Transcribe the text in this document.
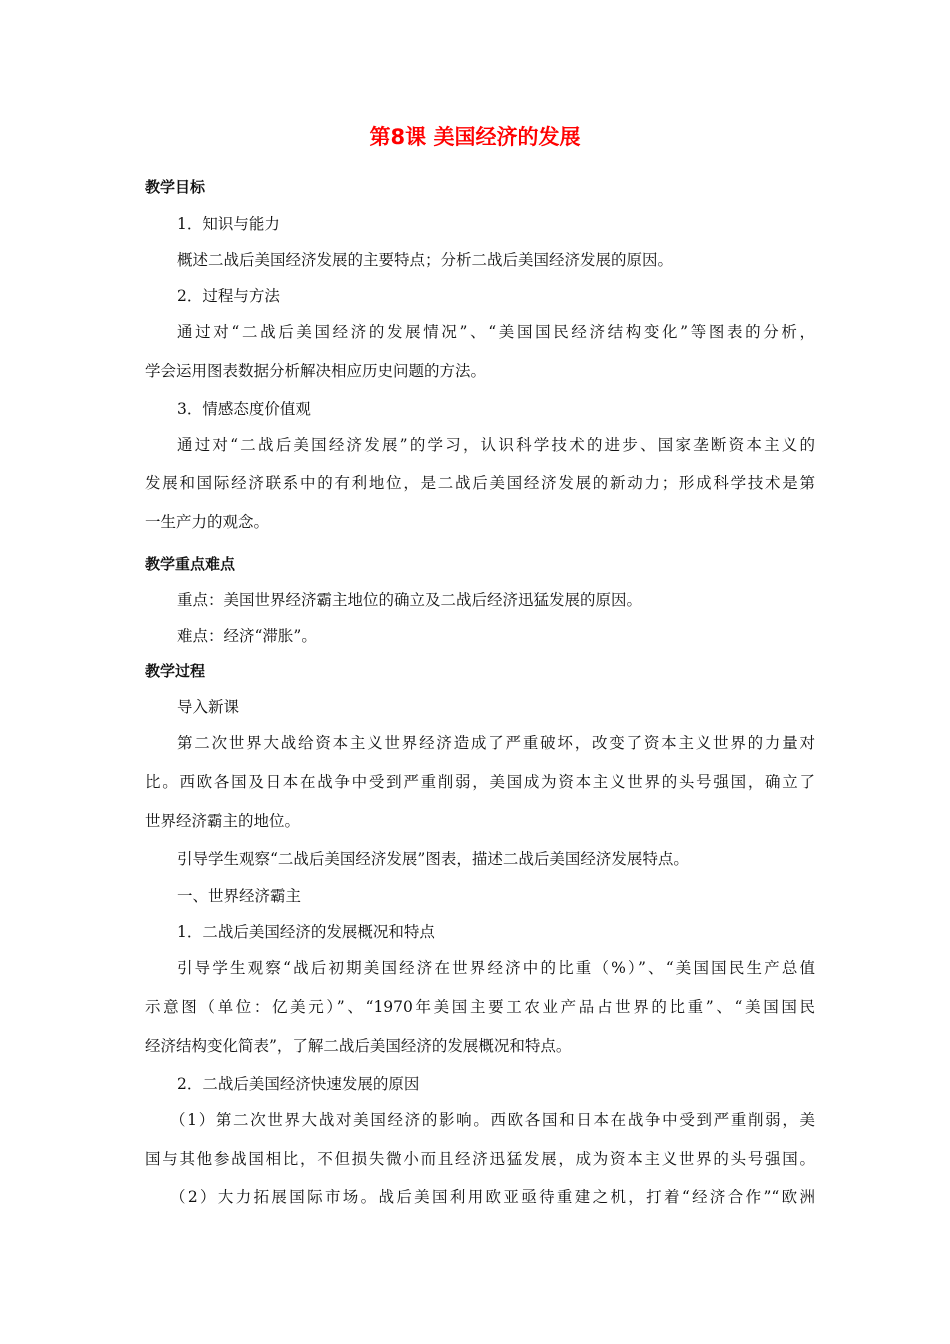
第8课 美国经济的发展
教学目标
1．知识与能力
概述二战后美国经济发展的主要特点；分析二战后美国经济发展的原因。
2．过程与方法
通过对“二战后美国经济的发展情况”、“美国国民经济结构变化”等图表的分析，
学会运用图表数据分析解决相应历史问题的方法。
3．情感态度价值观
通过对“二战后美国经济发展”的学习，认识科学技术的进步、国家垄断资本主义的
发展和国际经济联系中的有利地位，是二战后美国经济发展的新动力；形成科学技术是第
一生产力的观念。
教学重点难点
重点：美国世界经济霸主地位的确立及二战后经济迅猛发展的原因。
难点：经济“滞胀”。
教学过程
导入新课
第二次世界大战给资本主义世界经济造成了严重破坏，改变了资本主义世界的力量对
比。西欧各国及日本在战争中受到严重削弱，美国成为资本主义世界的头号强国，确立了
世界经济霸主的地位。
引导学生观察“二战后美国经济发展”图表，描述二战后美国经济发展特点。
一、世界经济霸主
1．二战后美国经济的发展概况和特点
引导学生观察“战后初期美国经济在世界经济中的比重（%）”、“美国国民生产总值
示意图（单位：亿美元）”、“1970年美国主要工农业产品占世界的比重”、“美国国民
经济结构变化简表”，了解二战后美国经济的发展概况和特点。
2．二战后美国经济快速发展的原因
（1）第二次世界大战对美国经济的影响。西欧各国和日本在战争中受到严重削弱，美
国与其他参战国相比，不但损失微小而且经济迅猛发展，成为资本主义世界的头号强国。
（2）大力拓展国际市场。战后美国利用欧亚亟待重建之机，打着“经济合作”“欧洲
